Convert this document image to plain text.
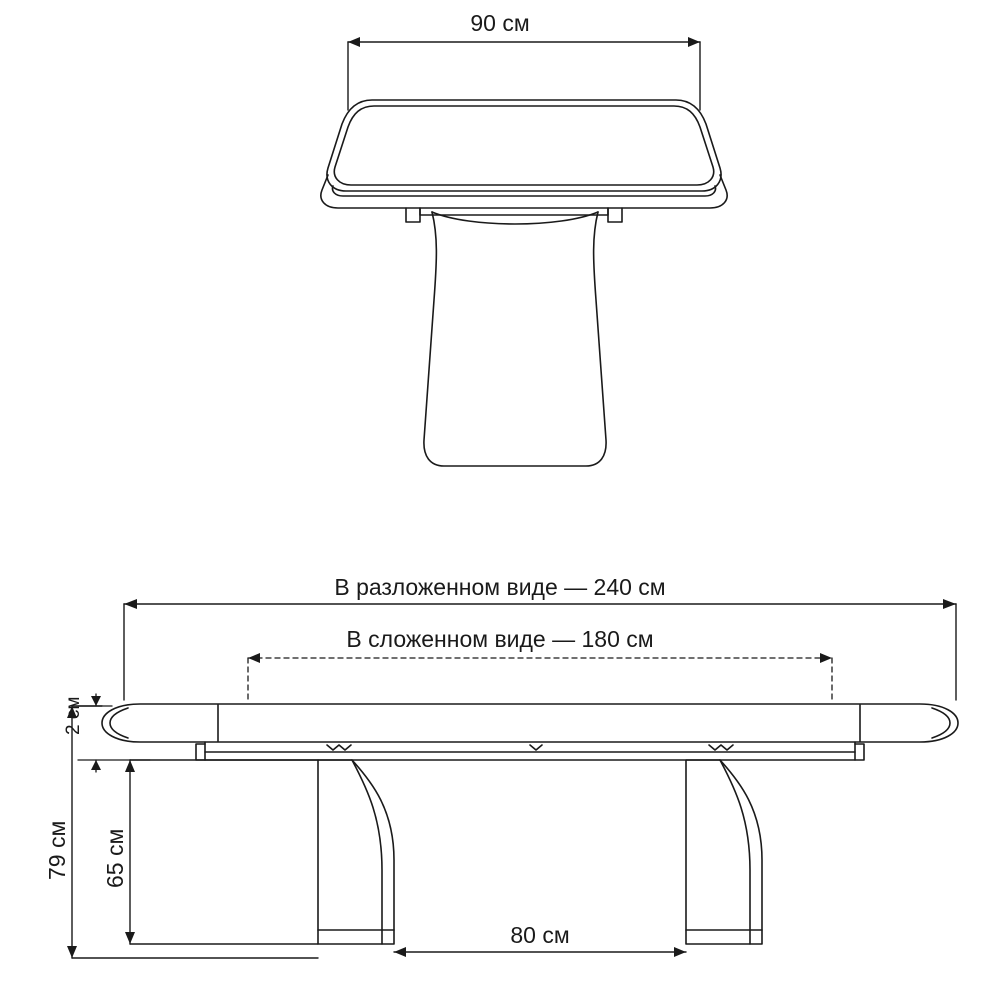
90 см
В разложенном виде — 240 см
В сложенном виде — 180 см
80 см
2 см
65 см
79 см
